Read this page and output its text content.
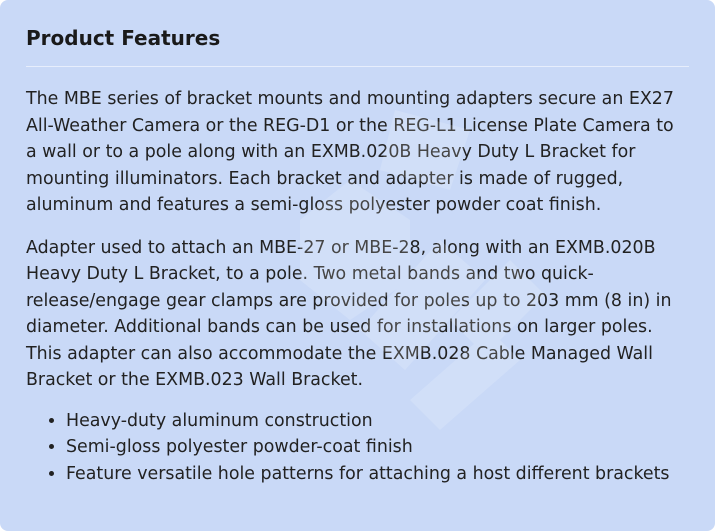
Product Features

The MBE series of bracket mounts and mounting adapters secure an EX27 All-Weather Camera or the REG-D1 or the REG-L1 License Plate Camera to a wall or to a pole along with an EXMB.020B Heavy Duty L Bracket for mounting illuminators. Each bracket and adapter is made of rugged, aluminum and features a semi-gloss polyester powder coat finish.

Adapter used to attach an MBE-27 or MBE-28, along with an EXMB.020B Heavy Duty L Bracket, to a pole. Two metal bands and two quick-release/engage gear clamps are provided for poles up to 203 mm (8 in) in diameter. Additional bands can be used for installations on larger poles. This adapter can also accommodate the EXMB.028 Cable Managed Wall Bracket or the EXMB.023 Wall Bracket.

• Heavy-duty aluminum construction
• Semi-gloss polyester powder-coat finish
• Feature versatile hole patterns for attaching a host different brackets
